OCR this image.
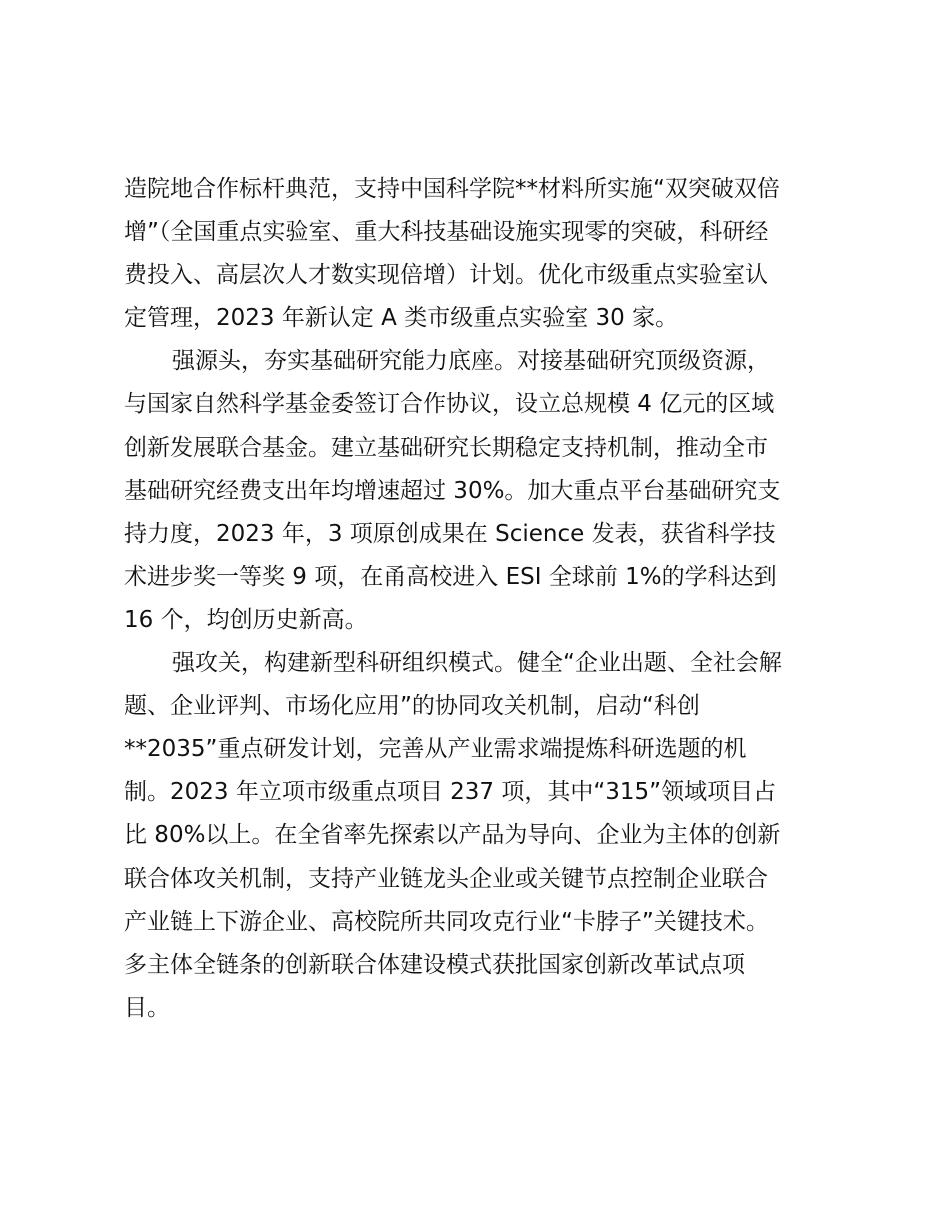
造院地合作标杆典范，支持中国科学院**材料所实施“双突破双倍
增”（全国重点实验室、重大科技基础设施实现零的突破，科研经
费投入、高层次人才数实现倍增）计划。优化市级重点实验室认
定管理，2023 年新认定 A 类市级重点实验室 30 家。
强源头，夯实基础研究能力底座。对接基础研究顶级资源，
与国家自然科学基金委签订合作协议，设立总规模 4 亿元的区域
创新发展联合基金。建立基础研究长期稳定支持机制，推动全市
基础研究经费支出年均增速超过 30%。加大重点平台基础研究支
持力度，2023 年，3 项原创成果在 Science 发表，获省科学技
术进步奖一等奖 9 项，在甬高校进入 ESI 全球前 1%的学科达到
16 个，均创历史新高。
强攻关，构建新型科研组织模式。健全“企业出题、全社会解
题、企业评判、市场化应用”的协同攻关机制，启动“科创
**2035”重点研发计划，完善从产业需求端提炼科研选题的机
制。2023 年立项市级重点项目 237 项，其中“315”领域项目占
比 80%以上。在全省率先探索以产品为导向、企业为主体的创新
联合体攻关机制，支持产业链龙头企业或关键节点控制企业联合
产业链上下游企业、高校院所共同攻克行业“卡脖子”关键技术。
多主体全链条的创新联合体建设模式获批国家创新改革试点项
目。
